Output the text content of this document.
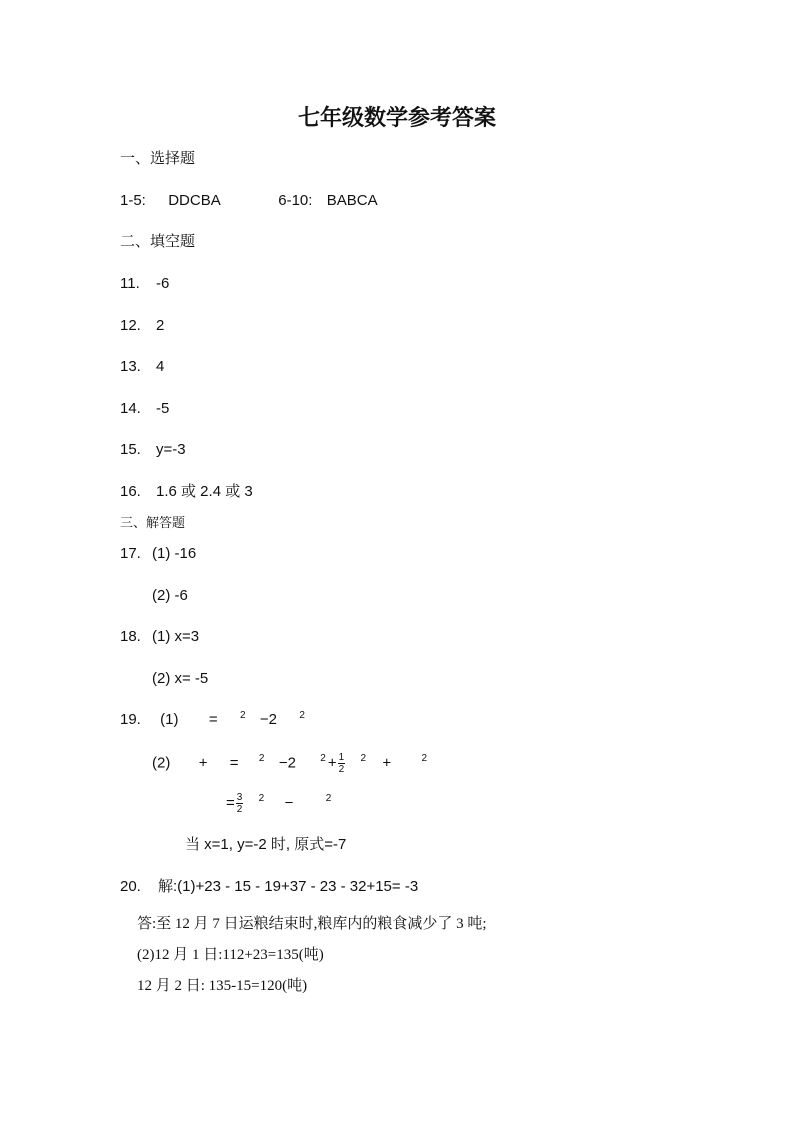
七年级数学参考答案
一、选择题
1-5: DDCBA	6-10: BABCA
二、填空题
11. -6
12. 2
13. 4
14. -5
15. y=-3
16. 1.6 或 2.4 或 3
三、解答题
17. (1) -16
(2) -6
18. (1) x=3
(2) x= -5
19. (1) = $^2$ −2 $^2$
(2) + = $^2$ −2 $^2 + \frac{1}{2} ^2$ +	$^2$
= $\frac{3}{2} ^2$ −	$^2$
当 x=1, y=-2 时, 原式=-7
20. 解:(1)+23 - 15 - 19+37 - 23 - 32+15= -3
答:至 12 月 7 日运粮结束时,粮库内的粮食减少了 3 吨;
(2)12 月 1 日:112+23=135(吨)
12 月 2 日: 135-15=120(吨)
